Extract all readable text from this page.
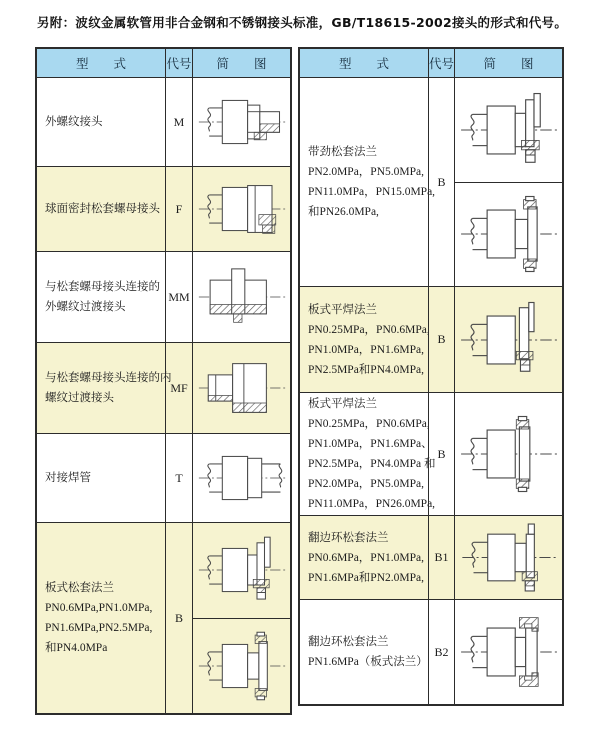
另附：波纹金属软管用非合金钢和不锈钢接头标准，GB/T18615-2002接头的形式和代号。
型　　式	代号 简　　图
外螺纹接头	M
球面密封松套螺母接头 F
与松套螺母接头连接的
外螺纹过渡接头
MM
与松套螺母接头连接的内
螺纹过渡接头
MF
对接焊管	T
板式松套法兰
PN0.6MPa,PN1.0MPa,
PN1.6MPa,PN2.5MPa,
和PN4.0MPa
B
型　　式	代号 简　　图
带劲松套法兰
PN2.0MPa，PN5.0MPa,
PN11.0MPa，PN15.0MPa,
和PN26.0MPa,
B
板式平焊法兰
PN0.25MPa，PN0.6MPa,
PN1.0MPa，PN1.6MPa,
PN2.5MPa和PN4.0MPa,
B
板式平焊法兰
PN0.25MPa，PN0.6MPa,
PN1.0MPa，PN1.6MPa、
PN2.5MPa，PN4.0MPa 和
PN2.0MPa，PN5.0MPa,
PN11.0MPa，PN26.0MPa,
B
翻边环松套法兰
PN0.6MPa，PN1.0MPa,
PN1.6MPa和PN2.0MPa,
B1
翻边环松套法兰
PN1.6MPa（板式法兰）
B2
